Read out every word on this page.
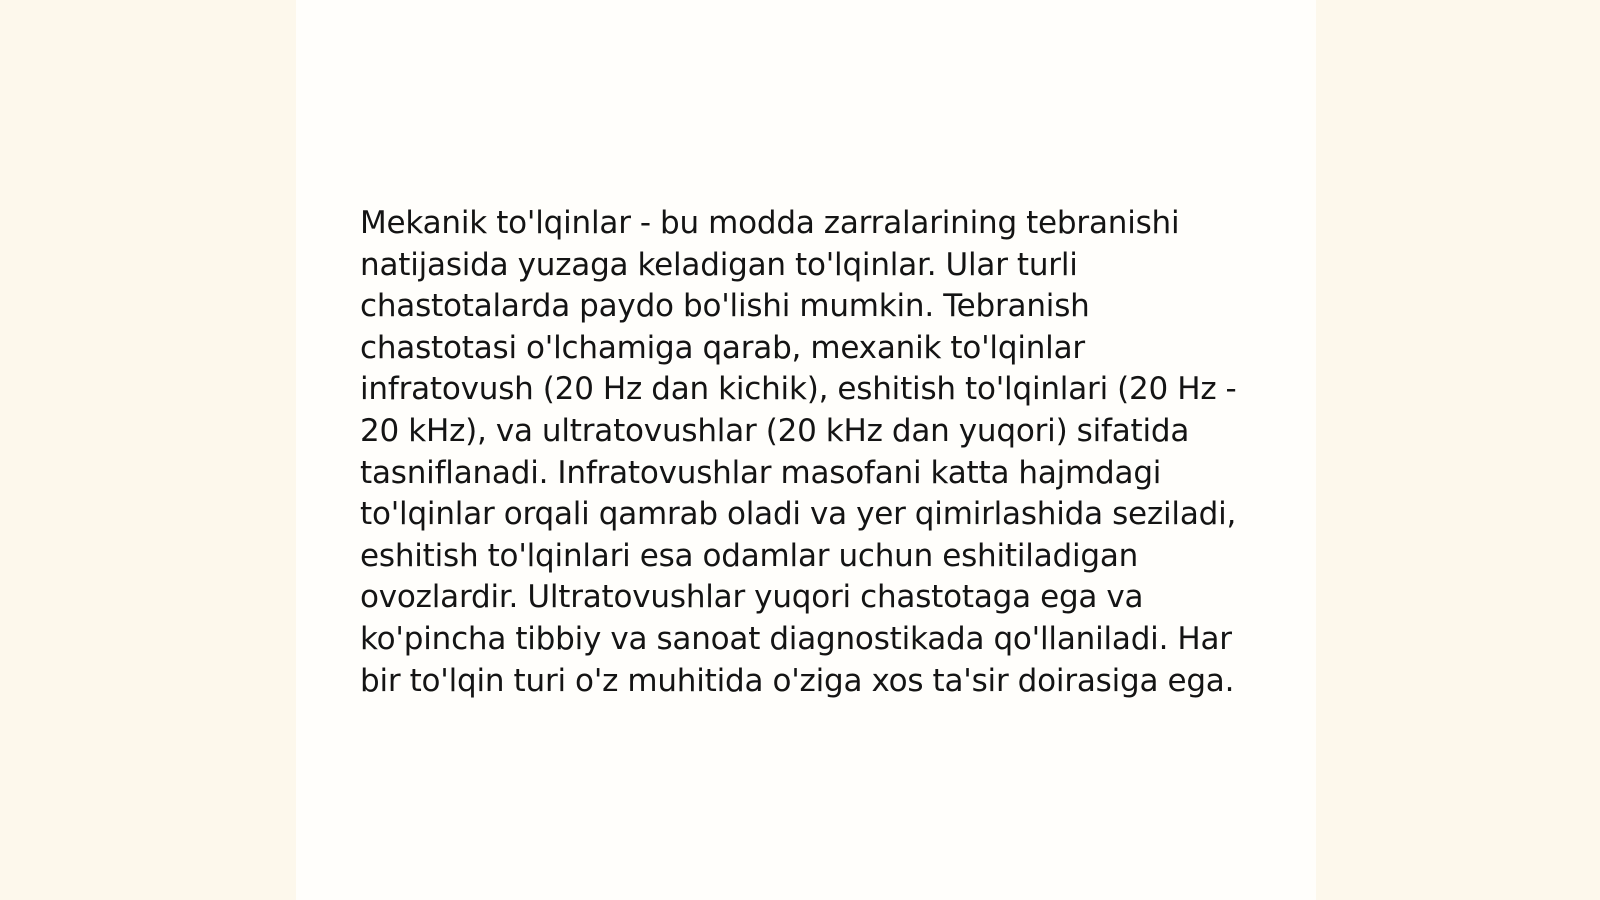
Mekanik to'lqinlar - bu modda zarralarining tebranishi natijasida yuzaga keladigan to'lqinlar. Ular turli chastotalarda paydo bo'lishi mumkin. Tebranish chastotasi o'lchamiga qarab, mexanik to'lqinlar infratovush (20 Hz dan kichik), eshitish to'lqinlari (20 Hz - 20 kHz), va ultratovushlar (20 kHz dan yuqori) sifatida tasniflanadi. Infratovushlar masofani katta hajmdagi to'lqinlar orqali qamrab oladi va yer qimirlashida seziladi, eshitish to'lqinlari esa odamlar uchun eshitiladigan ovozlardir. Ultratovushlar yuqori chastotaga ega va ko'pincha tibbiy va sanoat diagnostikada qo'llaniladi. Har bir to'lqin turi o'z muhitida o'ziga xos ta'sir doirasiga ega.
